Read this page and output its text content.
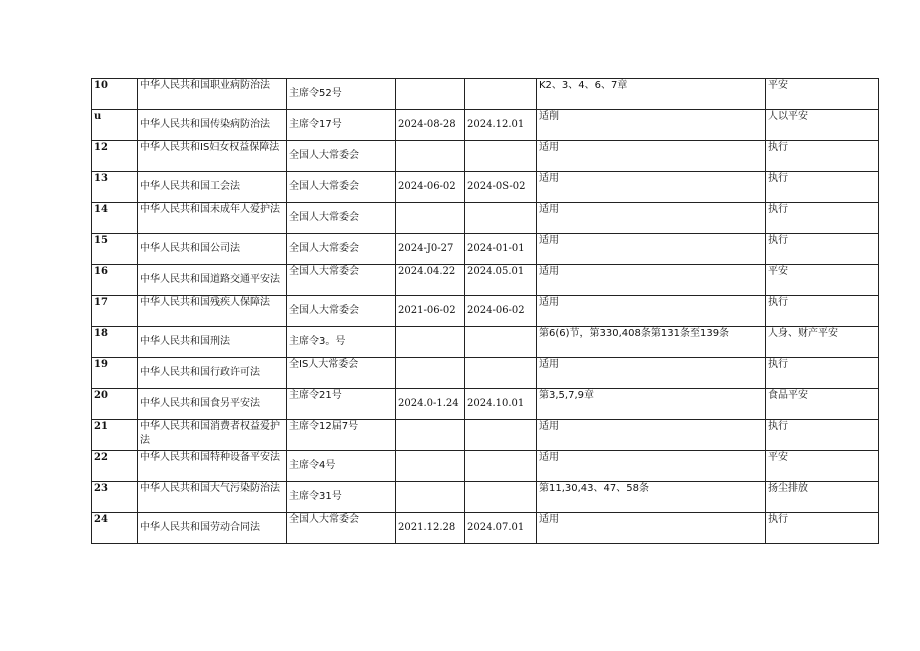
10	中华人民共和国职业病防治法	主席令52号			K2、3、4、6、7章	平安

u	中华人民共和国传染病防治法	主席令17号	2024-08-28	2024.12.01	适削	人以平安

12	中华人民共和IS妇女权益保障法	全国人大常委会			适用	执行

13	中华人民共和国工会法	全国人大常委会	2024-06-02	2024-0S-02	适用	执行

14	中华人民共和国未成年人爱护法	全国人大常委会			适用	执行

15	中华人民共和国公司法	全国人大常委会	2024-J0-27	2024-01-01	适用	执行

16	中华人民共和国道路交通平安法	全国人大常委会	2024.04.22	2024.05.01	适用	平安

17	中华人民共和国残疾人保障法	全国人大常委会	2021-06-02	2024-06-02	适用	执行

18	中华人民共和国刑法	主席令3。号			第6(6)节，第330,408条第131条至139条	人身、财产平安

19	中华人民共和国行政许可法	全IS人大常委会			适用	执行

20	中华人民共和国食另平安法	主席令21号	2024.0-1.24	2024.10.01	第3,5,7,9章	食品平安

21	中华人民共和国消费者权益爱护法	主席令12届7号			适用	执行

22	中华人民共和国特种设备平安法	主席令4号			适用	平安

23	中华人民共和国大气污染防治法	主席令31号			第11,30,43、47、58条	扬尘排放

24	中华人民共和国劳动合同法	全国人大常委会	2021.12.28	2024.07.01	适用	执行
